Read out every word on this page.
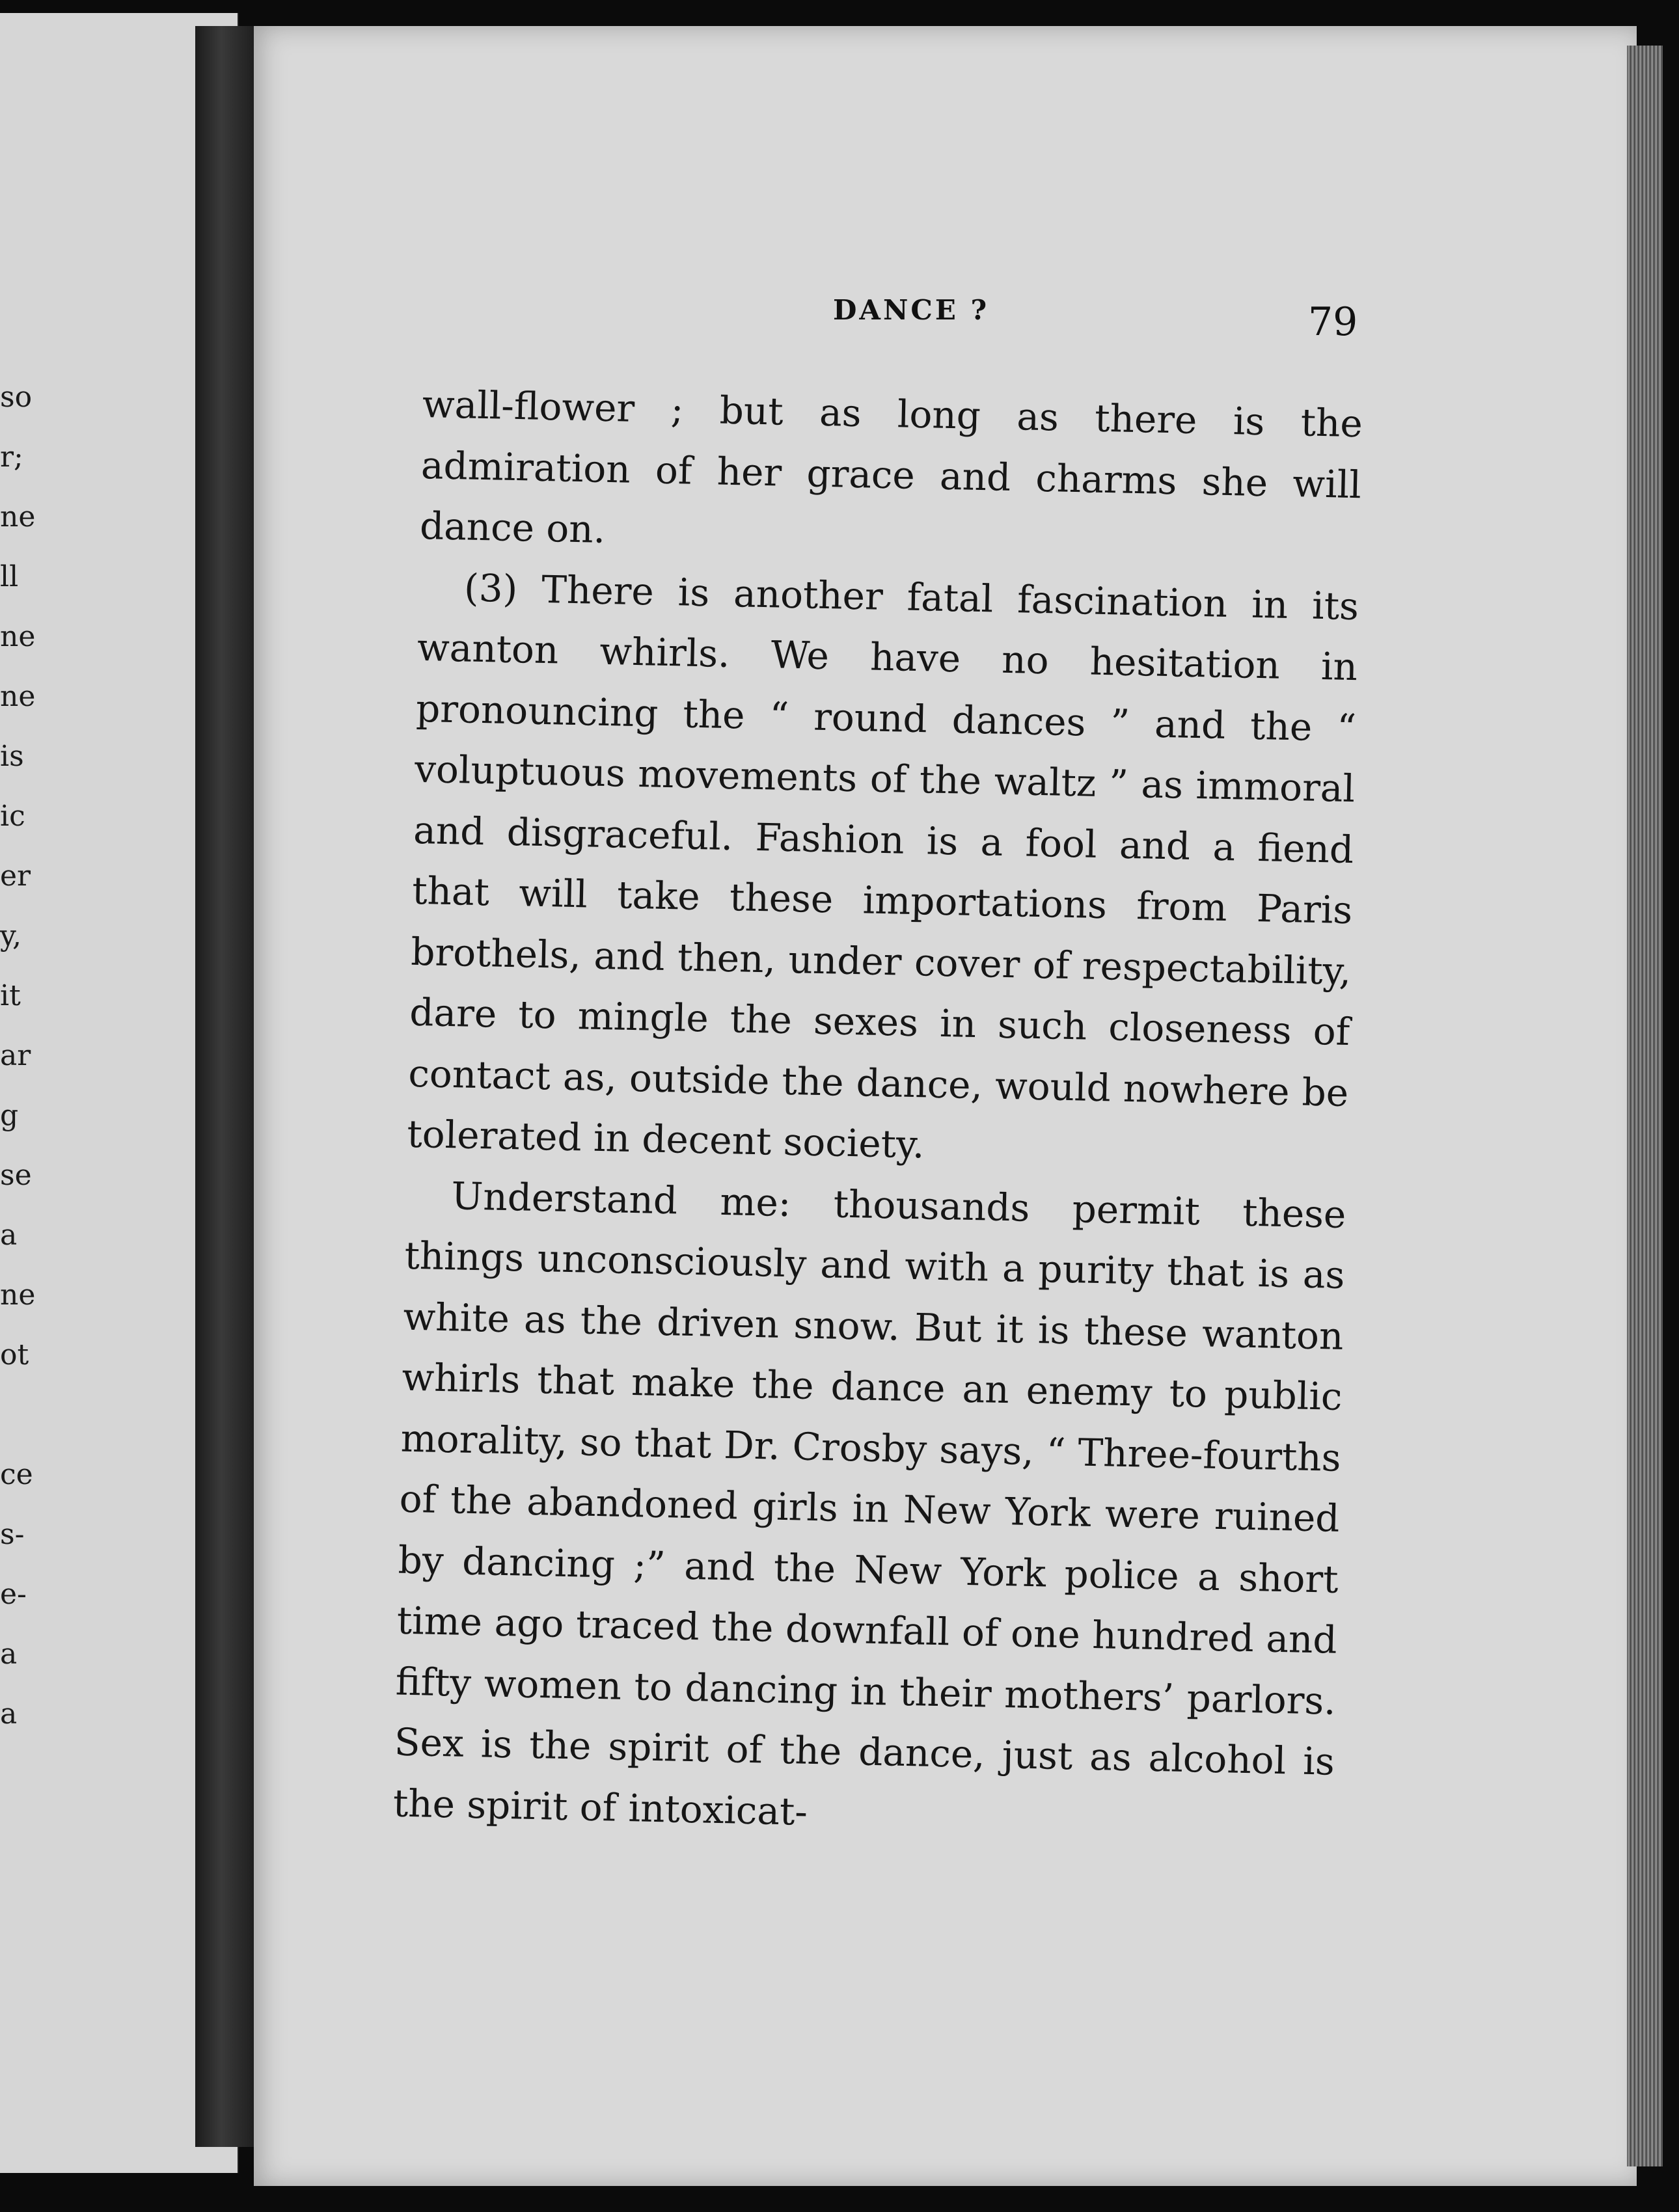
so
r;
ne
ll
ne
ne
is
ic
er
y,
it
ar
g
se
a
ne
ot
ce
s-
e-
a
a
DANCE ?	79

wall-flower ; but as long as there is the admiration of her grace and charms she will dance on.

(3) There is another fatal fascination in its wanton whirls. We have no hesitation in pronouncing the “ round dances ” and the “ voluptuous movements of the waltz ” as immoral and disgraceful. Fashion is a fool and a fiend that will take these importations from Paris brothels, and then, under cover of respectability, dare to mingle the sexes in such closeness of contact as, outside the dance, would nowhere be tolerated in decent society.

Understand me: thousands permit these things unconsciously and with a purity that is as white as the driven snow. But it is these wanton whirls that make the dance an enemy to public morality, so that Dr. Crosby says, “ Three-fourths of the abandoned girls in New York were ruined by dancing ;” and the New York police a short time ago traced the downfall of one hundred and fifty women to dancing in their mothers’ parlors. Sex is the spirit of the dance, just as alcohol is the spirit of intoxicat-
